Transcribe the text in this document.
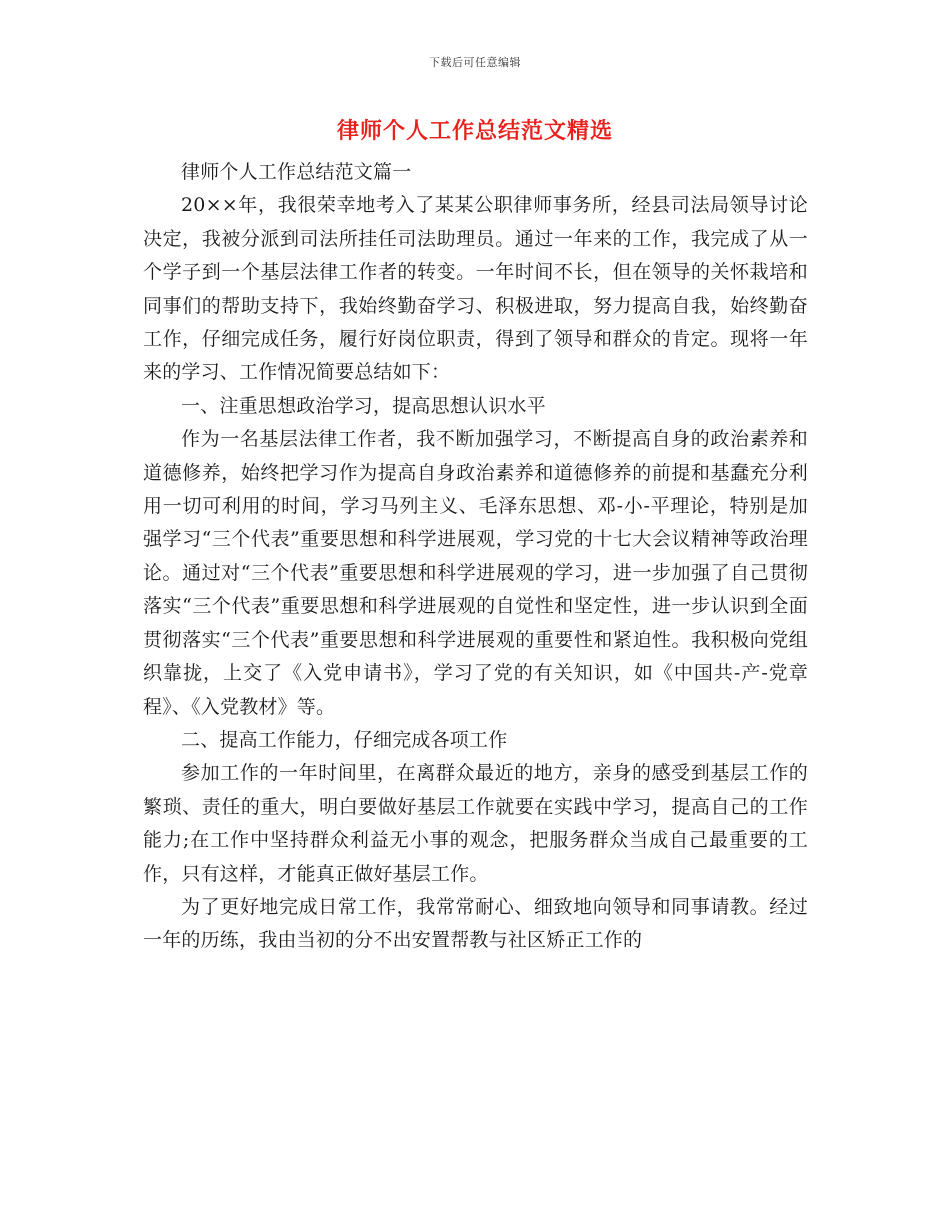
下载后可任意编辑
律师个人工作总结范文精选

律师个人工作总结范文篇一

20××年，我很荣幸地考入了某某公职律师事务所，经县司法局领导讨论决定，我被分派到司法所挂任司法助理员。通过一年来的工作，我完成了从一个学子到一个基层法律工作者的转变。一年时间不长，但在领导的关怀栽培和同事们的帮助支持下，我始终勤奋学习、积极进取，努力提高自我，始终勤奋工作，仔细完成任务，履行好岗位职责，得到了领导和群众的肯定。现将一年来的学习、工作情况简要总结如下：

一、注重思想政治学习，提高思想认识水平

作为一名基层法律工作者，我不断加强学习，不断提高自身的政治素养和道德修养，始终把学习作为提高自身政治素养和道德修养的前提和基蠢充分利用一切可利用的时间，学习马列主义、毛泽东思想、邓-小-平理论，特别是加强学习“三个代表”重要思想和科学进展观，学习党的十七大会议精神等政治理论。通过对“三个代表”重要思想和科学进展观的学习，进一步加强了自己贯彻落实“三个代表”重要思想和科学进展观的自觉性和坚定性，进一步认识到全面贯彻落实“三个代表”重要思想和科学进展观的重要性和紧迫性。我积极向党组织靠拢，上交了《入党申请书》，学习了党的有关知识，如《中国共-产-党章程》、《入党教材》等。

二、提高工作能力，仔细完成各项工作

参加工作的一年时间里，在离群众最近的地方，亲身的感受到基层工作的繁琐、责任的重大，明白要做好基层工作就要在实践中学习，提高自己的工作能力;在工作中坚持群众利益无小事的观念，把服务群众当成自己最重要的工作，只有这样，才能真正做好基层工作。

为了更好地完成日常工作，我常常耐心、细致地向领导和同事请教。经过一年的历练，我由当初的分不出安置帮教与社区矫正工作的
